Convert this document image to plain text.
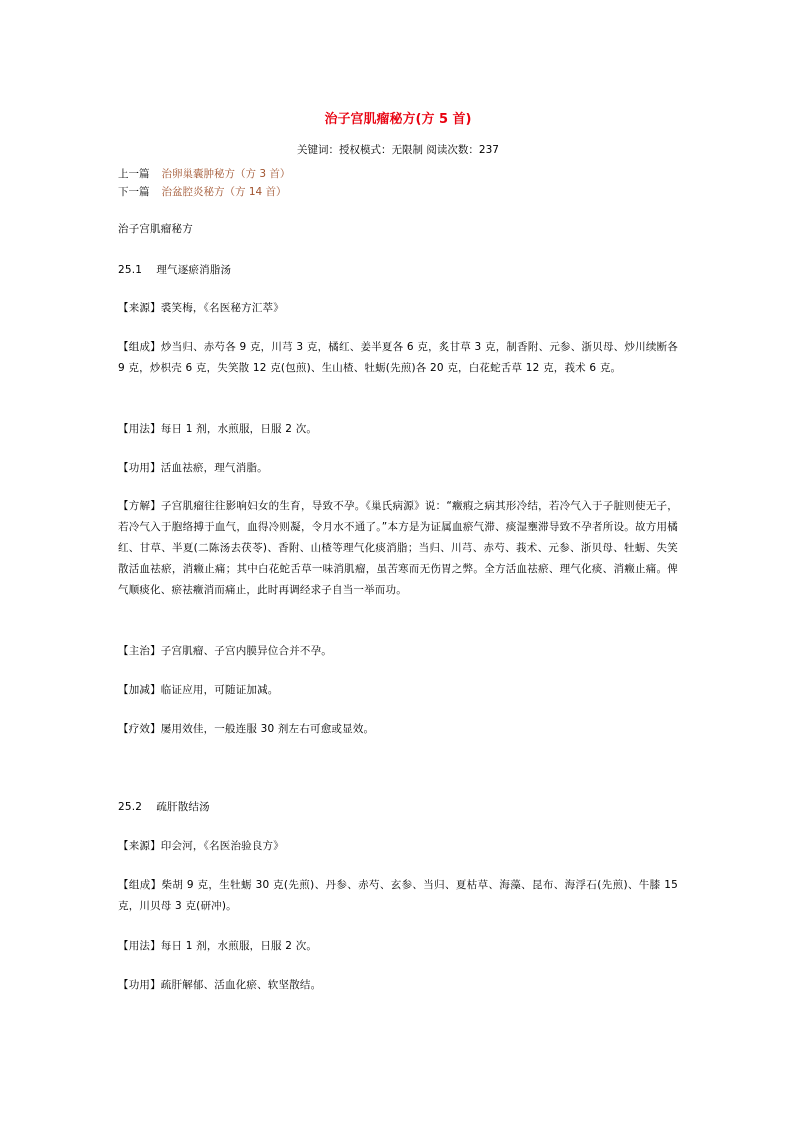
治子宫肌瘤秘方(方 5 首)
关键词：授权模式：无限制 阅读次数：237
上一篇 治卵巢囊肿秘方（方 3 首）
下一篇 治盆腔炎秘方（方 14 首）
治子宫肌瘤秘方
25.1    理气逐瘀消脂汤
【来源】裘笑梅，《名医秘方汇萃》
【组成】炒当归、赤芍各 9 克，川芎 3 克，橘红、姜半夏各 6 克，炙甘草 3 克，制香附、元参、浙贝母、炒川续断各 9 克，炒枳壳 6 克，失笑散 12 克(包煎)、生山楂、牡蛎(先煎)各 20 克，白花蛇舌草 12 克，莪术 6 克。
【用法】每日 1 剂，水煎服，日服 2 次。
【功用】活血祛瘀，理气消脂。
【方解】子宫肌瘤往往影响妇女的生育，导致不孕。《巢氏病源》说：“癥瘕之病其形冷结，若冷气入于子脏则使无子，若冷气入于胞络搏于血气，血得冷则凝，令月水不通了。”本方是为证属血瘀气滞、痰湿壅滞导致不孕者所设。故方用橘红、甘草、半夏(二陈汤去茯苓)、香附、山楂等理气化痰消脂；当归、川芎、赤芍、莪术、元参、浙贝母、牡蛎、失笑散活血祛瘀，消癥止痛；其中白花蛇舌草一味消肌瘤，虽苦寒而无伤胃之弊。全方活血祛瘀、理气化痰、消癥止痛。俾气顺痰化、瘀祛癥消而痛止，此时再调经求子自当一举而功。
【主治】子宫肌瘤、子宫内膜异位合并不孕。
【加减】临证应用，可随证加减。
【疗效】屡用效佳，一般连服 30 剂左右可愈或显效。
25.2    疏肝散结汤
【来源】印会河，《名医治验良方》
【组成】柴胡 9 克，生牡蛎 30 克(先煎)、丹参、赤芍、玄参、当归、夏枯草、海藻、昆布、海浮石(先煎)、牛膝 15 克，川贝母 3 克(研冲)。
【用法】每日 1 剂，水煎服，日服 2 次。
【功用】疏肝解郁、活血化瘀、软坚散结。
